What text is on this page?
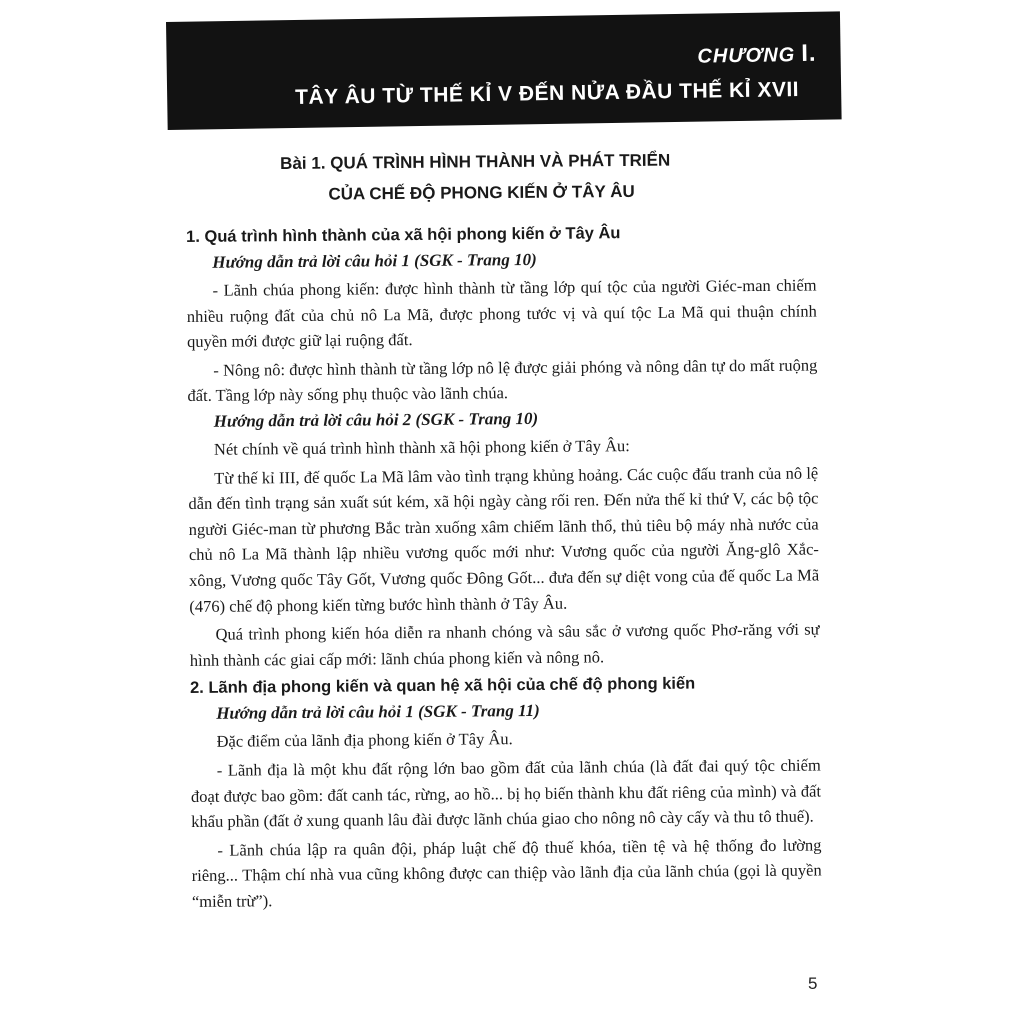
CHƯƠNG I.
TÂY ÂU TỪ THẾ KỈ V ĐẾN NỬA ĐẦU THẾ KỈ XVII
Bài 1. QUÁ TRÌNH HÌNH THÀNH VÀ PHÁT TRIỂN
CỦA CHẾ ĐỘ PHONG KIẾN Ở TÂY ÂU

1. Quá trình hình thành của xã hội phong kiến ở Tây Âu

Hướng dẫn trả lời câu hỏi 1 (SGK - Trang 10)

- Lãnh chúa phong kiến: được hình thành từ tầng lớp quí tộc của người Giéc-man chiếm nhiều ruộng đất của chủ nô La Mã, được phong tước vị và quí tộc La Mã qui thuận chính quyền mới được giữ lại ruộng đất.

- Nông nô: được hình thành từ tầng lớp nô lệ được giải phóng và nông dân tự do mất ruộng đất. Tầng lớp này sống phụ thuộc vào lãnh chúa.

Hướng dẫn trả lời câu hỏi 2 (SGK - Trang 10)

Nét chính về quá trình hình thành xã hội phong kiến ở Tây Âu:

Từ thế kỉ III, đế quốc La Mã lâm vào tình trạng khủng hoảng. Các cuộc đấu tranh của nô lệ dẫn đến tình trạng sản xuất sút kém, xã hội ngày càng rối ren. Đến nửa thế kỉ thứ V, các bộ tộc người Giéc-man từ phương Bắc tràn xuống xâm chiếm lãnh thổ, thủ tiêu bộ máy nhà nước của chủ nô La Mã thành lập nhiều vương quốc mới như: Vương quốc của người Ăng-glô Xắc-xông, Vương quốc Tây Gốt, Vương quốc Đông Gốt... đưa đến sự diệt vong của đế quốc La Mã (476) chế độ phong kiến từng bước hình thành ở Tây Âu.

Quá trình phong kiến hóa diễn ra nhanh chóng và sâu sắc ở vương quốc Phơ-răng với sự hình thành các giai cấp mới: lãnh chúa phong kiến và nông nô.

2. Lãnh địa phong kiến và quan hệ xã hội của chế độ phong kiến

Hướng dẫn trả lời câu hỏi 1 (SGK - Trang 11)

Đặc điểm của lãnh địa phong kiến ở Tây Âu.

- Lãnh địa là một khu đất rộng lớn bao gồm đất của lãnh chúa (là đất đai quý tộc chiếm đoạt được bao gồm: đất canh tác, rừng, ao hồ... bị họ biến thành khu đất riêng của mình) và đất khẩu phần (đất ở xung quanh lâu đài được lãnh chúa giao cho nông nô cày cấy và thu tô thuế).

- Lãnh chúa lập ra quân đội, pháp luật chế độ thuế khóa, tiền tệ và hệ thống đo lường riêng... Thậm chí nhà vua cũng không được can thiệp vào lãnh địa của lãnh chúa (gọi là quyền “miễn trừ”).

5
